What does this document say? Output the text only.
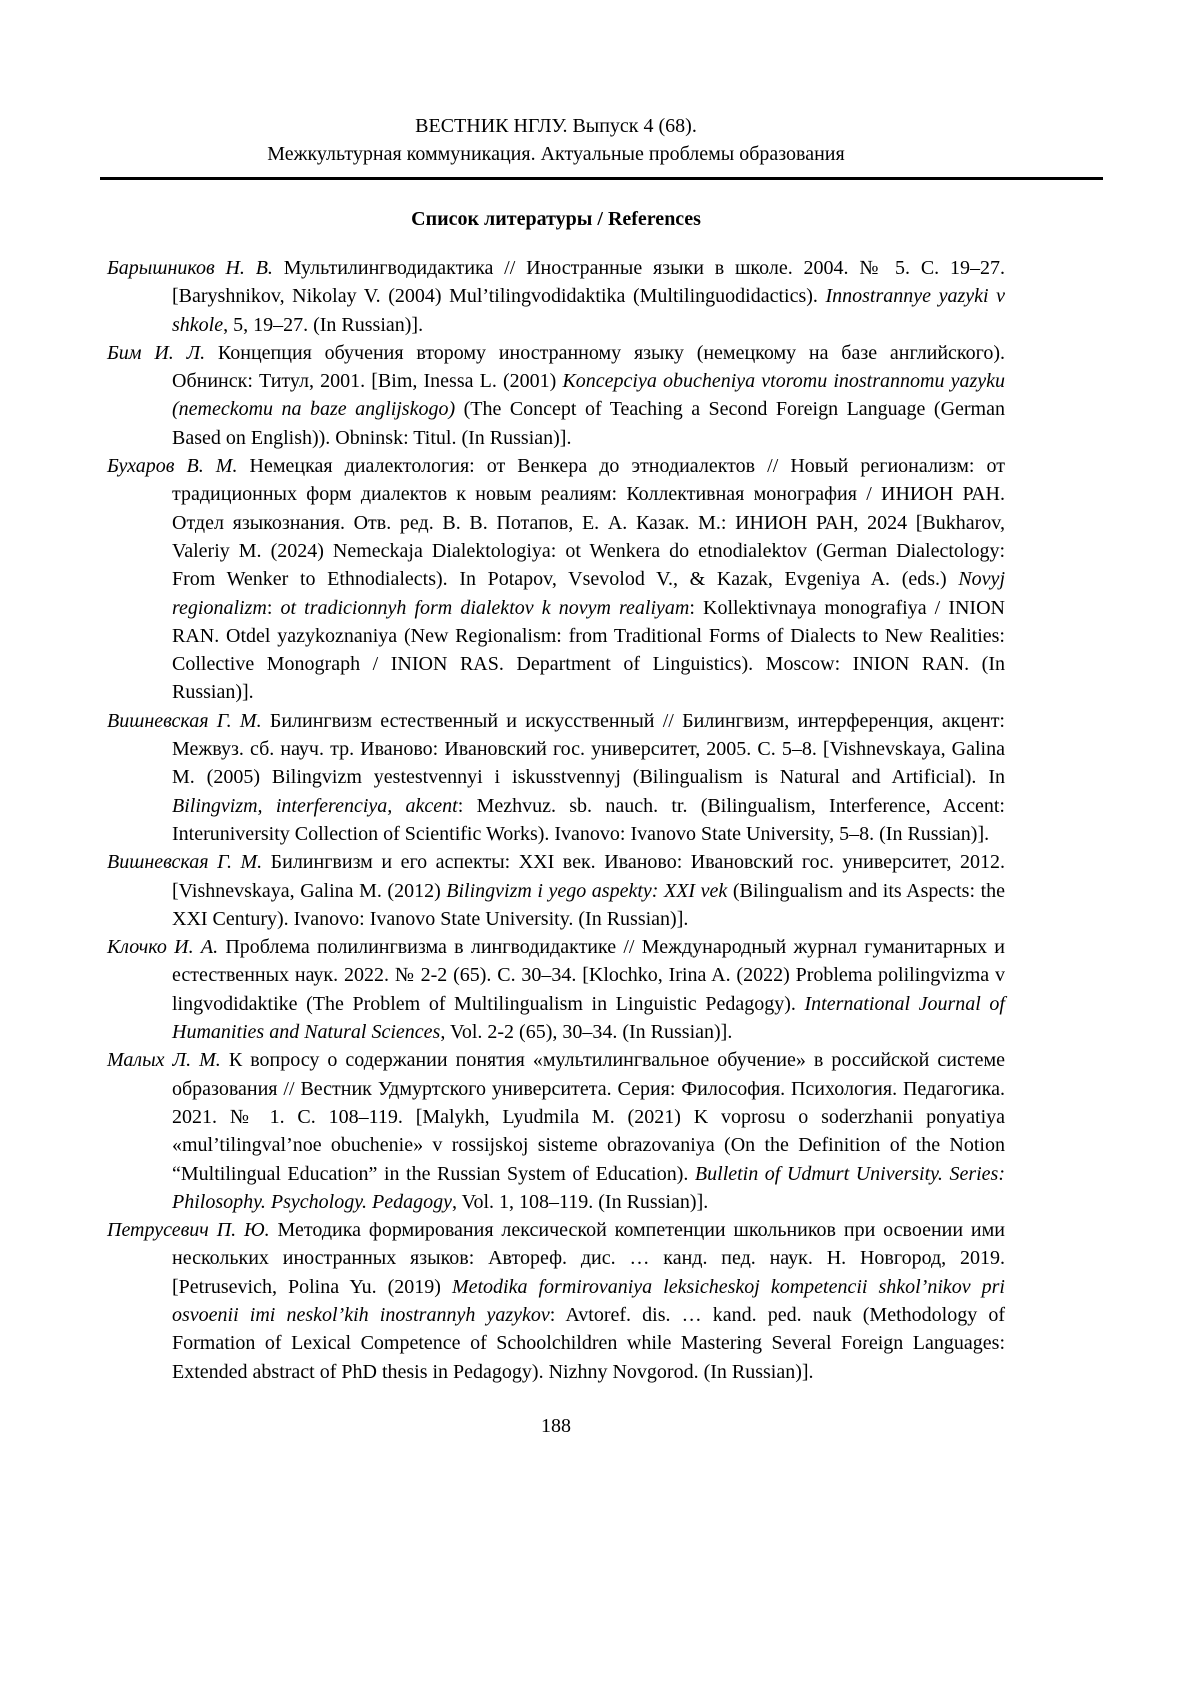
ВЕСТНИК НГЛУ. Выпуск 4 (68).
Межкультурная коммуникация. Актуальные проблемы образования
Список литературы / References

Барышников Н. В. Мультилингводидактика // Иностранные языки в школе. 2004. № 5. С. 19–27. [Baryshnikov, Nikolay V. (2004) Mul’tilingvodidaktika (Multilinguodidactics). Innostrannye yazyki v shkole, 5, 19–27. (In Russian)].

Бим И. Л. Концепция обучения второму иностранному языку (немецкому на базе английского). Обнинск: Титул, 2001. [Bim, Inessa L. (2001) Koncepciya obucheniya vtoromu inostrannomu yazyku (nemeckomu na baze anglijskogo) (The Concept of Teaching a Second Foreign Language (German Based on English)). Obninsk: Titul. (In Russian)].

Бухаров В. М. Немецкая диалектология: от Венкера до этнодиалектов // Новый регионализм: от традиционных форм диалектов к новым реалиям: Коллективная монография / ИНИОН РАН. Отдел языкознания. Отв. ред. В. В. Потапов, Е. А. Казак. М.: ИНИОН РАН, 2024 [Bukharov, Valeriy M. (2024) Nemeckaja Dialektologiya: ot Wenkera do etnodialektov (German Dialectology: From Wenker to Ethnodialects). In Potapov, Vsevolod V., & Kazak, Evgeniya A. (eds.) Novyj regionalizm: ot tradicionnyh form dialektov k novym realiyam: Kollektivnaya monografiya / INION RAN. Otdel yazykoznaniya (New Regionalism: from Traditional Forms of Dialects to New Realities: Collective Monograph / INION RAS. Department of Linguistics). Moscow: INION RAN. (In Russian)].

Вишневская Г. М. Билингвизм естественный и искусственный // Билингвизм, интерференция, акцент: Межвуз. сб. науч. тр. Иваново: Ивановский гос. университет, 2005. С. 5–8. [Vishnevskaya, Galina M. (2005) Bilingvizm yestestvennyi i iskusstvennyj (Bilingualism is Natural and Artificial). In Bilingvizm, interferenciya, akcent: Mezhvuz. sb. nauch. tr. (Bilingualism, Interference, Accent: Interuniversity Collection of Scientific Works). Ivanovo: Ivanovo State University, 5–8. (In Russian)].

Вишневская Г. М. Билингвизм и его аспекты: XXI век. Иваново: Ивановский гос. университет, 2012. [Vishnevskaya, Galina M. (2012) Bilingvizm i yego aspekty: XXI vek (Bilingualism and its Aspects: the XXI Century). Ivanovo: Ivanovo State University. (In Russian)].

Клочко И. А. Проблема полилингвизма в лингводидактике // Международный журнал гуманитарных и естественных наук. 2022. № 2-2 (65). С. 30–34. [Klochko, Irina A. (2022) Problema polilingvizma v lingvodidaktike (The Problem of Multilingualism in Linguistic Pedagogy). International Journal of Humanities and Natural Sciences, Vol. 2-2 (65), 30–34. (In Russian)].

Малых Л. М. К вопросу о содержании понятия «мультилингвальное обучение» в российской системе образования // Вестник Удмуртского университета. Серия: Философия. Психология. Педагогика. 2021. № 1. С. 108–119. [Malykh, Lyudmila M. (2021) K voprosu o soderzhanii ponyatiya «mul’tilingval’noe obuchenie» v rossijskoj sisteme obrazovaniya (On the Definition of the Notion “Multilingual Education” in the Russian System of Education). Bulletin of Udmurt University. Series: Philosophy. Psychology. Pedagogy, Vol. 1, 108–119. (In Russian)].

Петрусевич П. Ю. Методика формирования лексической компетенции школьников при освоении ими нескольких иностранных языков: Автореф. дис. … канд. пед. наук. Н. Новгород, 2019. [Petrusevich, Polina Yu. (2019) Metodika formirovaniya leksicheskoj kompetencii shkol’nikov pri osvoenii imi neskol’kih inostrannyh yazykov: Avtoref. dis. … kand. ped. nauk (Methodology of Formation of Lexical Competence of Schoolchildren while Mastering Several Foreign Languages: Extended abstract of PhD thesis in Pedagogy). Nizhny Novgorod. (In Russian)].

188
